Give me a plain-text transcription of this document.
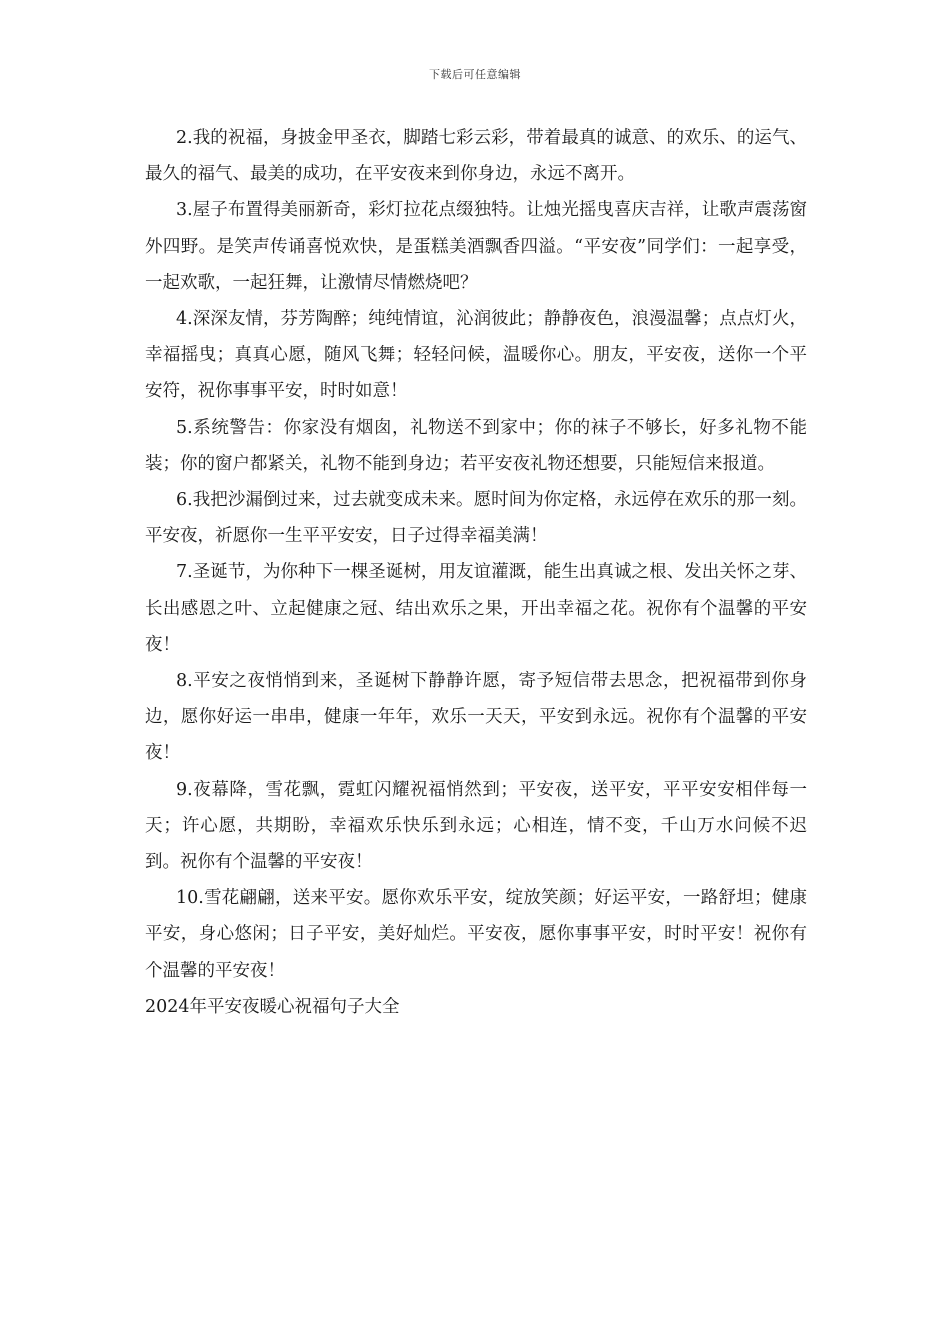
下载后可任意编辑

2.我的祝福，身披金甲圣衣，脚踏七彩云彩，带着最真的诚意、的欢乐、的运气、最久的福气、最美的成功，在平安夜来到你身边，永远不离开。

3.屋子布置得美丽新奇，彩灯拉花点缀独特。让烛光摇曳喜庆吉祥，让歌声震荡窗外四野。是笑声传诵喜悦欢快，是蛋糕美酒飘香四溢。“平安夜”同学们：一起享受，一起欢歌，一起狂舞，让激情尽情燃烧吧？

4.深深友情，芬芳陶醉；纯纯情谊，沁润彼此；静静夜色，浪漫温馨；点点灯火，幸福摇曳；真真心愿，随风飞舞；轻轻问候，温暖你心。朋友，平安夜，送你一个平安符，祝你事事平安，时时如意！

5.系统警告：你家没有烟囱，礼物送不到家中；你的袜子不够长，好多礼物不能装；你的窗户都紧关，礼物不能到身边；若平安夜礼物还想要，只能短信来报道。

6.我把沙漏倒过来，过去就变成未来。愿时间为你定格，永远停在欢乐的那一刻。平安夜，祈愿你一生平平安安，日子过得幸福美满！

7.圣诞节，为你种下一棵圣诞树，用友谊灌溉，能生出真诚之根、发出关怀之芽、长出感恩之叶、立起健康之冠、结出欢乐之果，开出幸福之花。祝你有个温馨的平安夜！

8.平安之夜悄悄到来，圣诞树下静静许愿，寄予短信带去思念，把祝福带到你身边，愿你好运一串串，健康一年年，欢乐一天天，平安到永远。祝你有个温馨的平安夜！

9.夜幕降，雪花飘，霓虹闪耀祝福悄然到；平安夜，送平安，平平安安相伴每一天；许心愿，共期盼，幸福欢乐快乐到永远；心相连，情不变，千山万水问候不迟到。祝你有个温馨的平安夜！

10.雪花翩翩，送来平安。愿你欢乐平安，绽放笑颜；好运平安，一路舒坦；健康平安，身心悠闲；日子平安，美好灿烂。平安夜，愿你事事平安，时时平安！祝你有个温馨的平安夜！

2024年平安夜暖心祝福句子大全
